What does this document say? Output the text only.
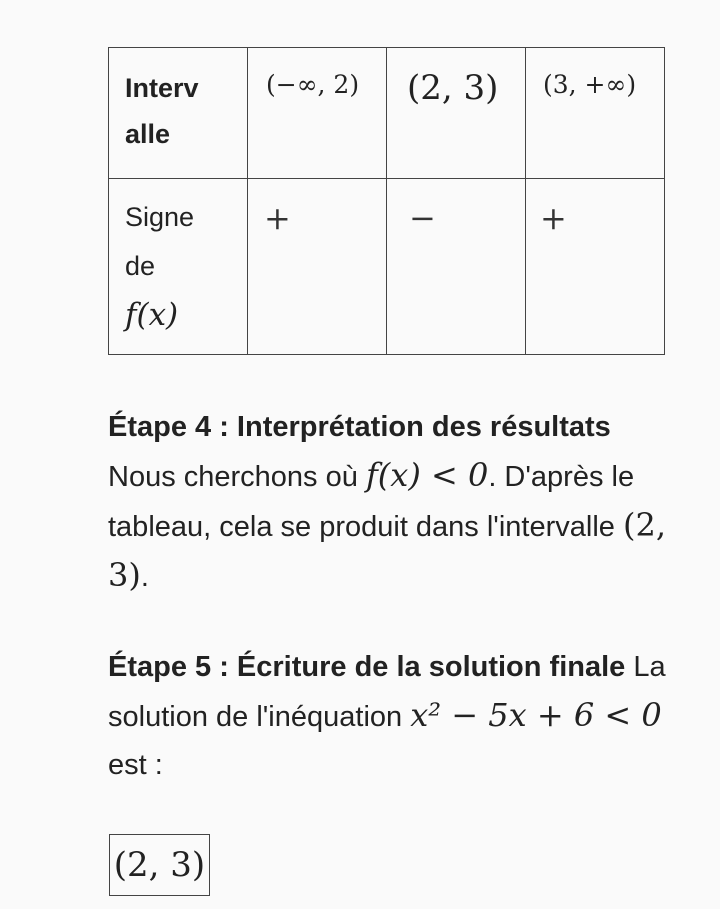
Intervalle	(−∞, 2)	(2, 3)	(3, +∞)

Signe
de
f(x)	+	−	+
Étape 4 : Interprétation des résultats Nous cherchons où f(x) < 0. D'après le tableau, cela se produit dans l'intervalle (2, 3).
Étape 5 : Écriture de la solution finale La solution de l'inéquation x² − 5x + 6 < 0 est :
(2, 3)
